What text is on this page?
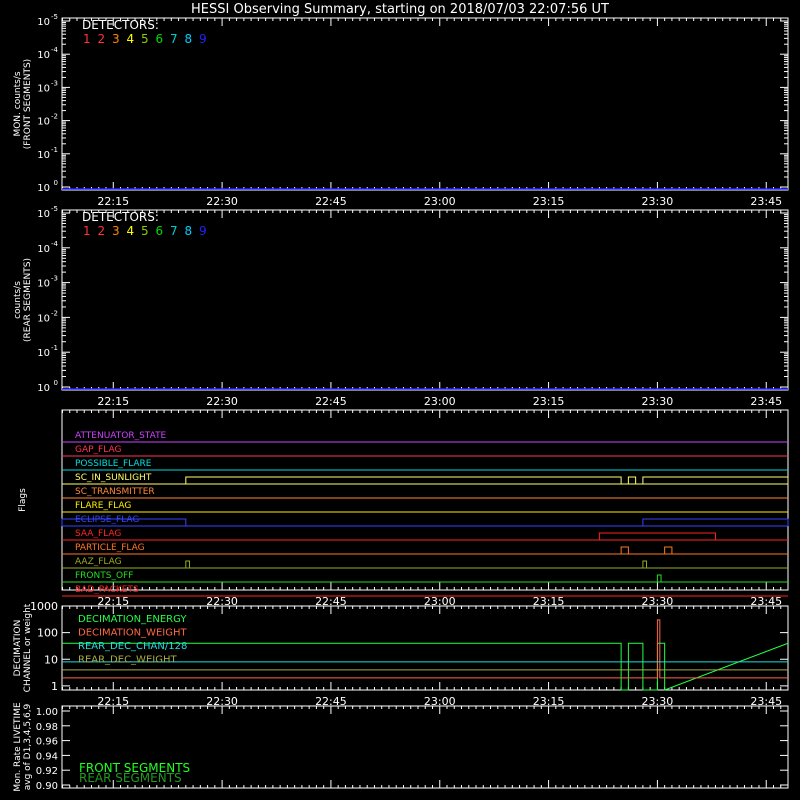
HESSI Observing Summary, starting on 2018/07/03 22:07:56 UT
22:15	22:30	22:45	23:00	23:15	23:30	23:45
10 0
10 -1
10 -2
10 -3
10 -4
10 -5
MON. counts/s (FRONT SEGMENTS)
DETECTORS:
1 2 3 4 5 6 7 8 9
22:15	22:30	22:45	23:00	23:15	23:30	23:45
10 0
10 -1
10 -2
10 -3
10 -4
10 -5
counts/s (REAR SEGMENTS)
DETECTORS:
1 2 3 4 5 6 7 8 9
22:15	22:30	22:45	23:00	23:15	23:30	23:45
Flags
ATTENUATOR_STATE
GAP_FLAG
POSSIBLE_FLARE
SC_IN_SUNLIGHT
SC_TRANSMITTER
FLARE_FLAG
ECLIPSE_FLAG
SAA_FLAG
PARTICLE_FLAG
AAZ_FLAG
FRONTS_OFF
BAD_PACKETS
22:15	22:30	22:45	23:00	23:15	23:30	23:45
DECIMATION CHANNEL or weight 1
10
100
1000
DECIMATION_ENERGY
DECIMATION_WEIGHT
REAR_DEC_CHAN/128
REAR_DEC_WEIGHT
Mon. Rate LIVETIME avg of D1,3,4,5,6,9 0.90
0.92
0.94
0.96
0.98
1.00
FRONT SEGMENTS
REAR SEGMENTS
